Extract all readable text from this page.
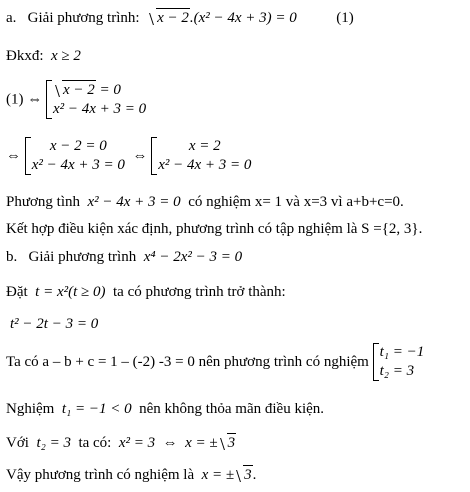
a. Giải phương trình: x − 2.(x² − 4x + 3) = 0	(1)
Đkxđ: x ≥ 2
(1) ⇔
x − 2 = 0
x² − 4x + 3 = 0
⇔
x − 2 = 0
x² − 4x + 3 = 0
⇔
x = 2
x² − 4x + 3 = 0
Phương tình x² − 4x + 3 = 0 có nghiệm x= 1 và x=3 vì a+b+c=0.
Kết hợp điều kiện xác định, phương trình có tập nghiệm là S ={2, 3}.
b. Giải phương trình x⁴ − 2x² − 3 = 0
Đặt t = x²(t ≥ 0) ta có phương trình trở thành:
t² − 2t − 3 = 0
Ta có a – b + c = 1 – (-2) -3 = 0 nên phương trình có nghiệm
t₁ = −1
t₂ = 3
Nghiệm t₁ = −1 < 0 nên không thỏa mãn điều kiện.
Với t₂ = 3 ta có: x² = 3 ⇔ x = ± 3
Vậy phương trình có nghiệm là x = ± 3.
